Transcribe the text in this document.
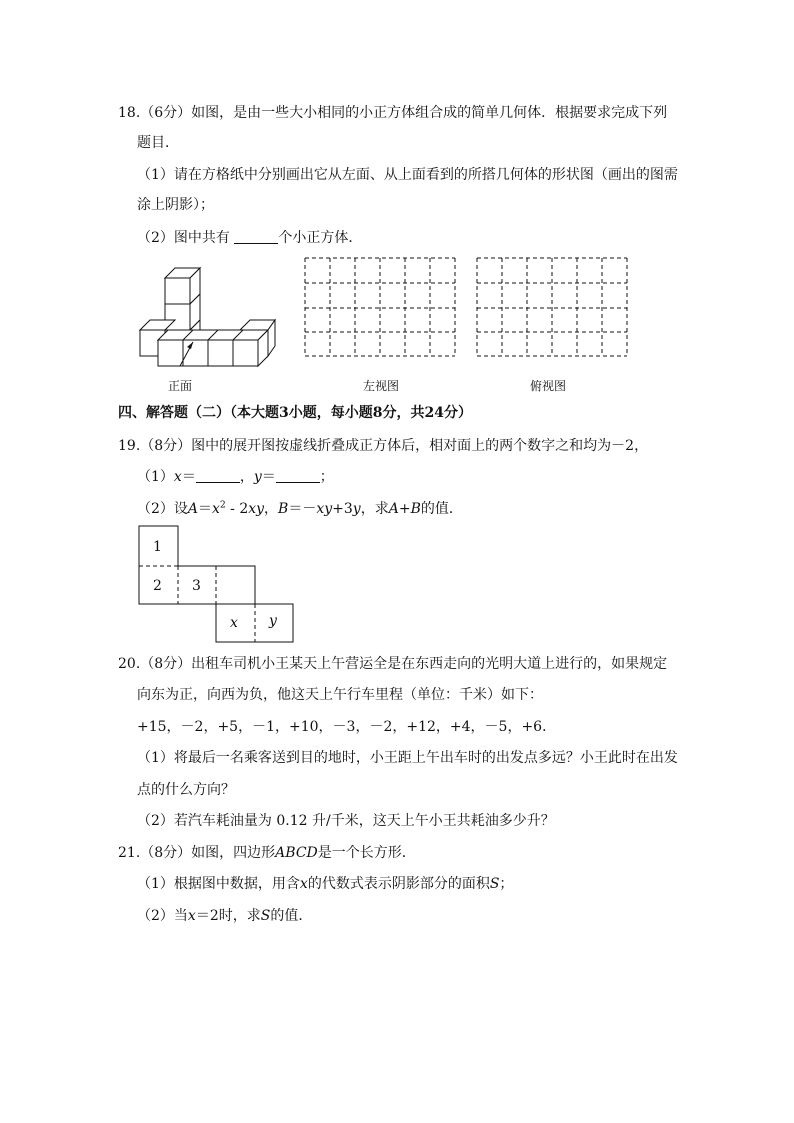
18.（6分）如图，是由一些大小相同的小正方体组合成的简单几何体．根据要求完成下列
题目．
（1）请在方格纸中分别画出它从左面、从上面看到的所搭几何体的形状图（画出的图需
涂上阴影）；
（2）图中共有	个小正方体．
正面	左视图	俯视图
四、解答题（二）（本大题3小题，每小题8分，共24分）
19.（8分）图中的展开图按虚线折叠成正方体后，相对面上的两个数字之和均为－2，
（1）x＝	，y＝	；
（2）设$A=x^2 - 2xy$，B＝－xy+3y，求A+B的值．
1
2 3
x y
20.（8分）出租车司机小王某天上午营运全是在东西走向的光明大道上进行的，如果规定
向东为正，向西为负，他这天上午行车里程（单位：千米）如下：
+15，－2，+5，－1，+10，－3，－2，+12，+4，－5，+6．
（1）将最后一名乘客送到目的地时，小王距上午出车时的出发点多远？小王此时在出发
点的什么方向？
（2）若汽车耗油量为 0.12 升/千米，这天上午小王共耗油多少升？
21.（8分）如图，四边形ABCD是一个长方形．
（1）根据图中数据，用含x的代数式表示阴影部分的面积S；
（2）当x＝2时，求S的值．
